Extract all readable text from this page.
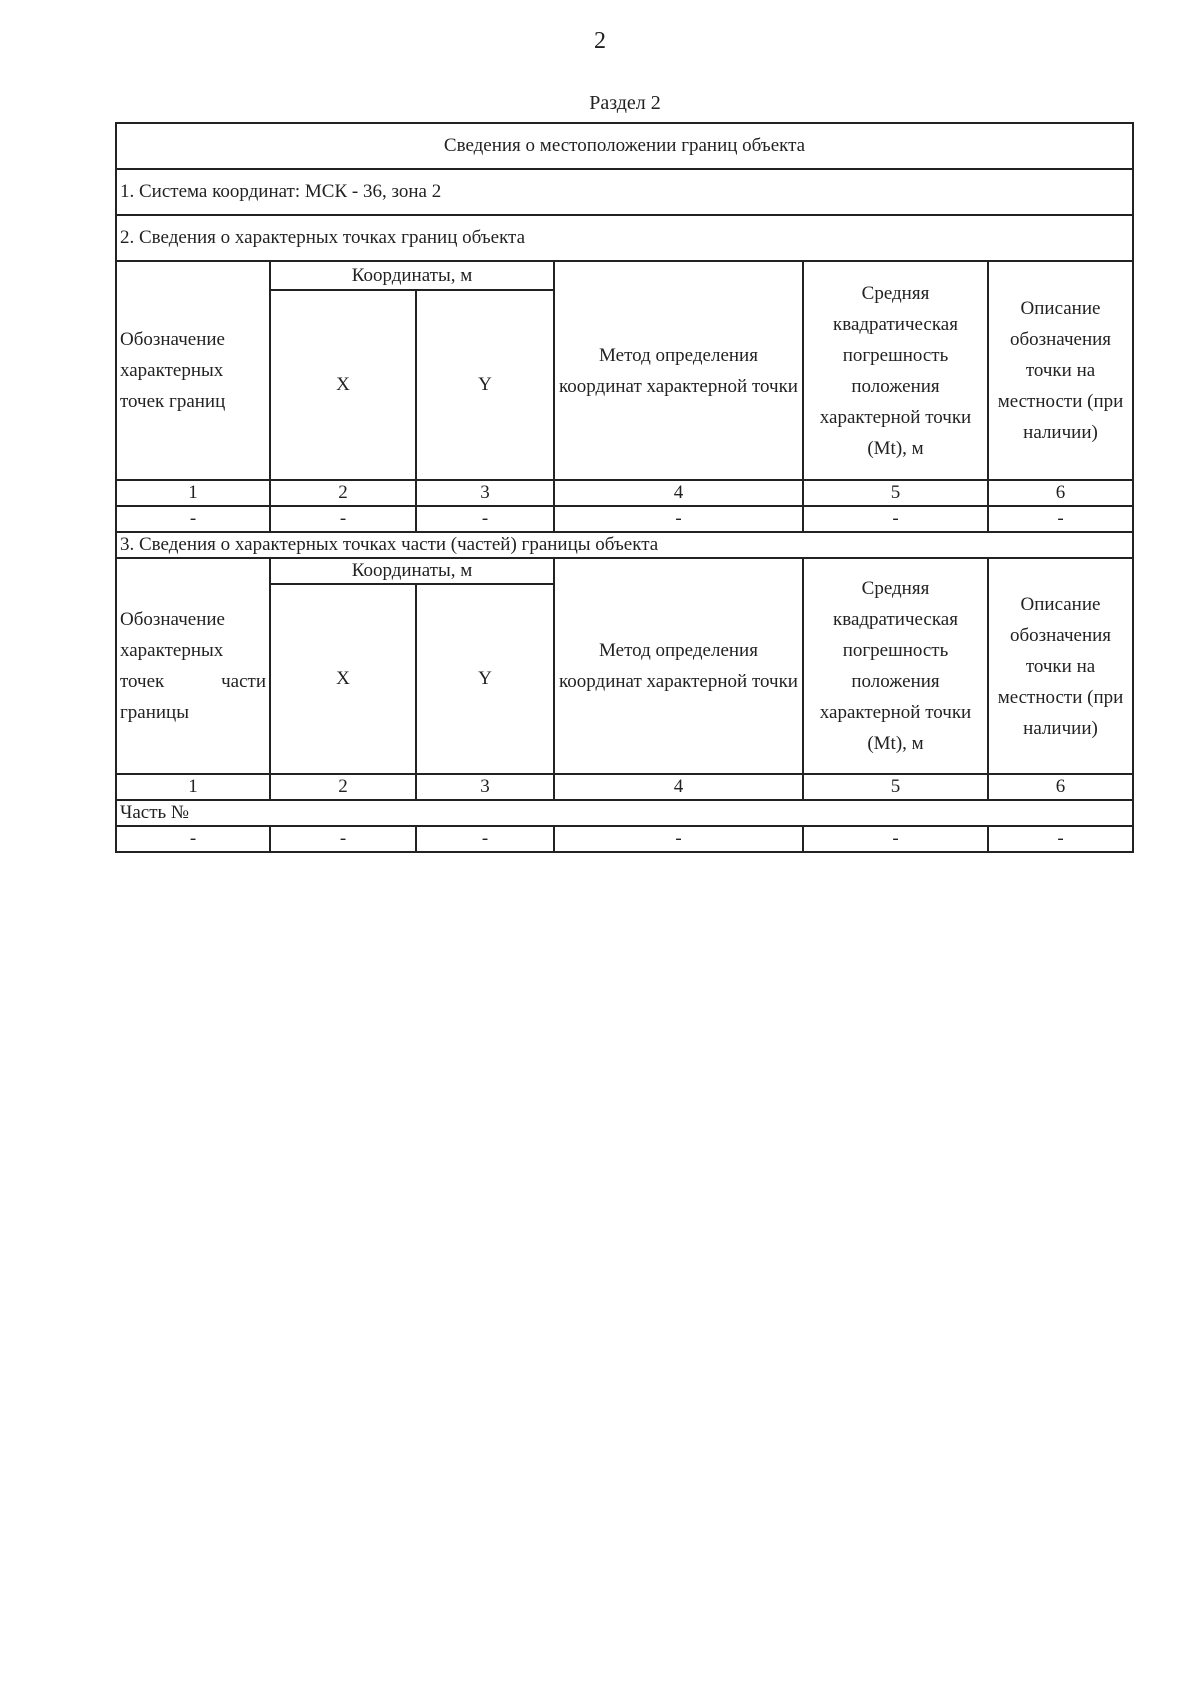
2
Раздел 2
Сведения о местоположении границ объекта					
1. Система координат: МСК - 36, зона 2					
2. Сведения о характерных точках границ объекта					
Обозначение характерных точек границ	Координаты, м		Метод определения координат характерной точки	Средняя квадратическая погрешность положения характерной точки (Mt), м	Описание обозначения точки на местности (при наличии)
	X	Y			
1	2	3	4	5	6
-	-	-	-	-	-
3. Сведения о характерных точках части (частей) границы объекта					
Обозначение
характерных

точек части
границы	Координаты, м		Метод определения координат характерной точки	Средняя квадратическая погрешность положения характерной точки (Mt), м	Описание обозначения точки на местности (при наличии)
	X	Y			
1	2	3	4	5	6
Часть №					
-	-	-	-	-	-
